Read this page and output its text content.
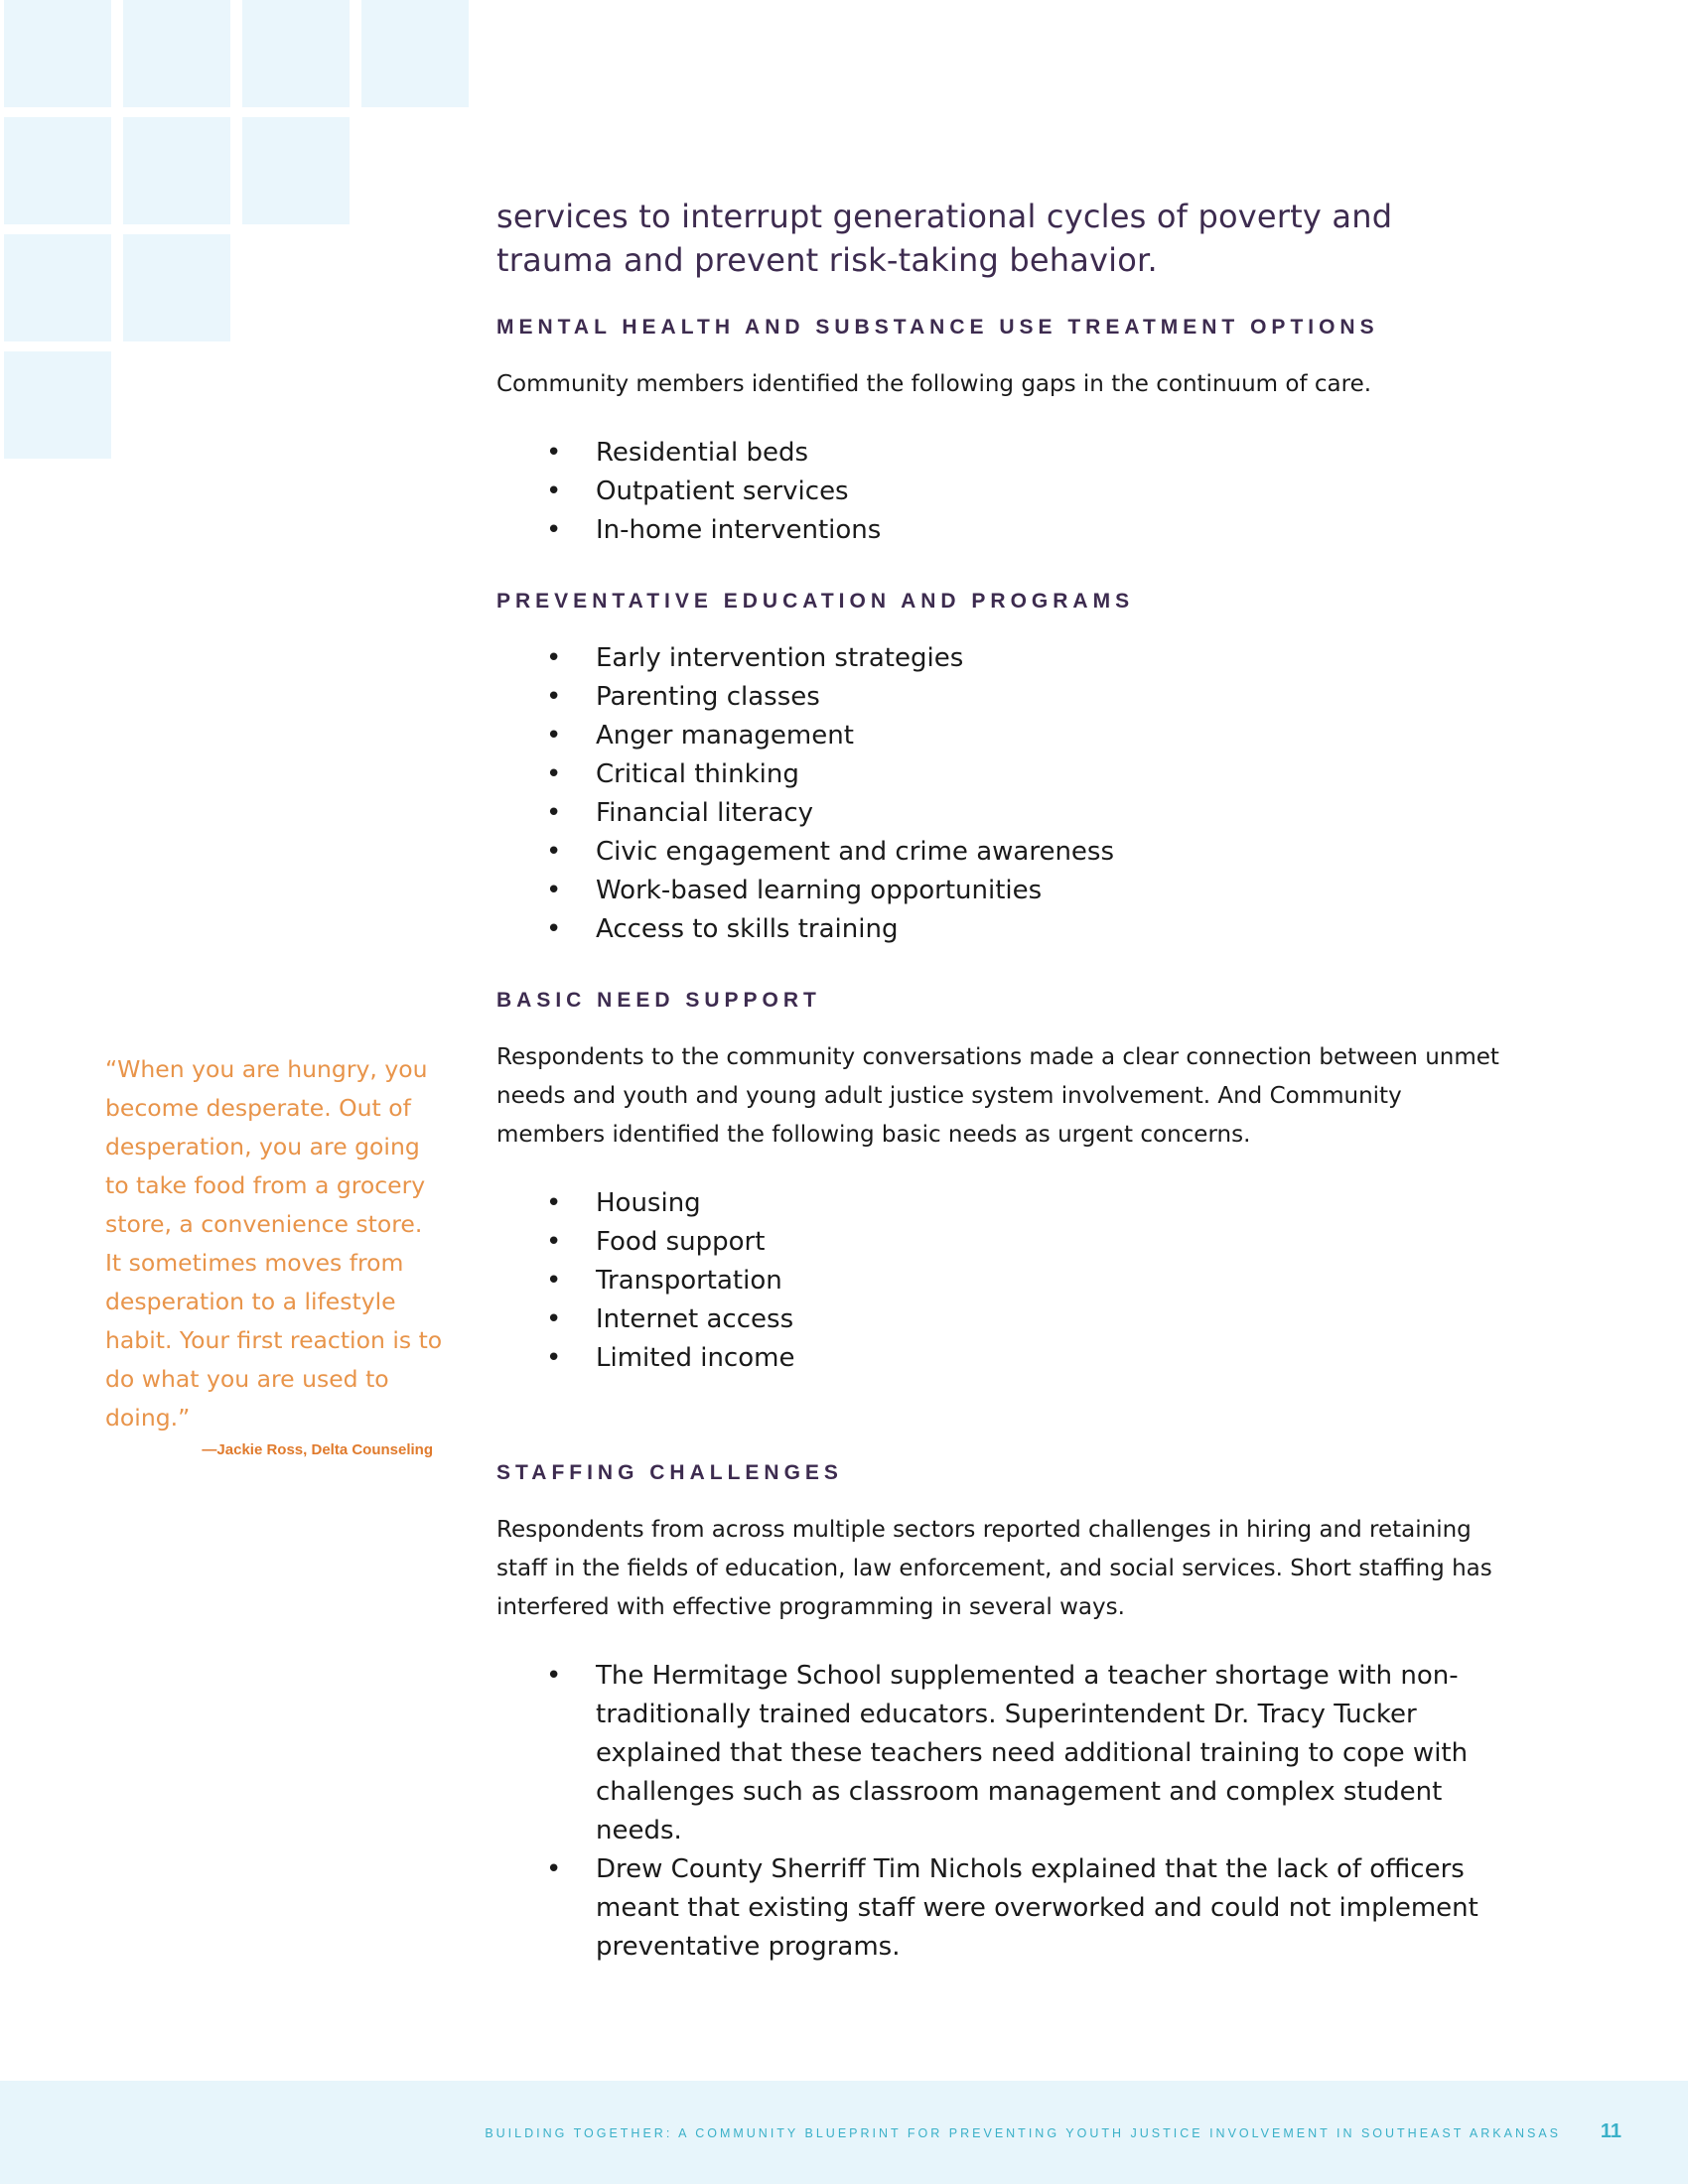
services to interrupt generational cycles of poverty and trauma and prevent risk-taking behavior.

MENTAL HEALTH AND SUBSTANCE USE TREATMENT OPTIONS

Community members identified the following gaps in the continuum of care.

• Residential beds
• Outpatient services
• In-home interventions
PREVENTATIVE EDUCATION AND PROGRAMS
• Early intervention strategies
• Parenting classes
• Anger management
• Critical thinking
• Financial literacy
• Civic engagement and crime awareness
• Work-based learning opportunities
• Access to skills training
BASIC NEED SUPPORT

Respondents to the community conversations made a clear connection between unmet needs and youth and young adult justice system involvement. And Community members identified the following basic needs as urgent concerns.

• Housing
• Food support
• Transportation
• Internet access
• Limited income
STAFFING CHALLENGES

Respondents from across multiple sectors reported challenges in hiring and retaining staff in the fields of education, law enforcement, and social services. Short staffing has interfered with effective programming in several ways.

• The Hermitage School supplemented a teacher shortage with non-traditionally trained educators. Superintendent Dr. Tracy Tucker explained that these teachers need additional training to cope with challenges such as classroom management and complex student needs.
• Drew County Sherriff Tim Nichols explained that the lack of officers meant that existing staff were overworked and could not implement preventative programs.

“When you are hungry, you become desperate. Out of desperation, you are going to take food from a grocery store, a convenience store. It sometimes moves from desperation to a lifestyle habit. Your first reaction is to do what you are used to doing.”

—Jackie Ross, Delta Counseling
BUILDING TOGETHER: A COMMUNITY BLUEPRINT FOR PREVENTING YOUTH JUSTICE INVOLVEMENT IN SOUTHEAST ARKANSAS 11
